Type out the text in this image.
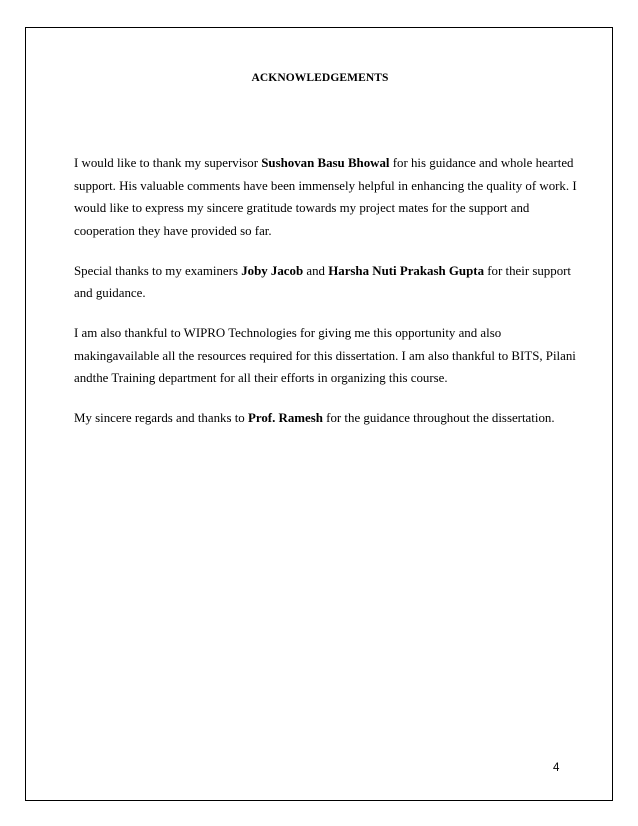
ACKNOWLEDGEMENTS

I would like to thank my supervisor Sushovan Basu Bhowal for his guidance and whole hearted
support. His valuable comments have been immensely helpful in enhancing the quality of work. I
would like to express my sincere gratitude towards my project mates for the support and
cooperation they have provided so far.

Special thanks to my examiners Joby Jacob and Harsha Nuti Prakash Gupta for their support
and guidance.

I am also thankful to WIPRO Technologies for giving me this opportunity and also
makingavailable all the resources required for this dissertation. I am also thankful to BITS, Pilani
andthe Training department for all their efforts in organizing this course.

My sincere regards and thanks to Prof. Ramesh for the guidance throughout the dissertation.

4
